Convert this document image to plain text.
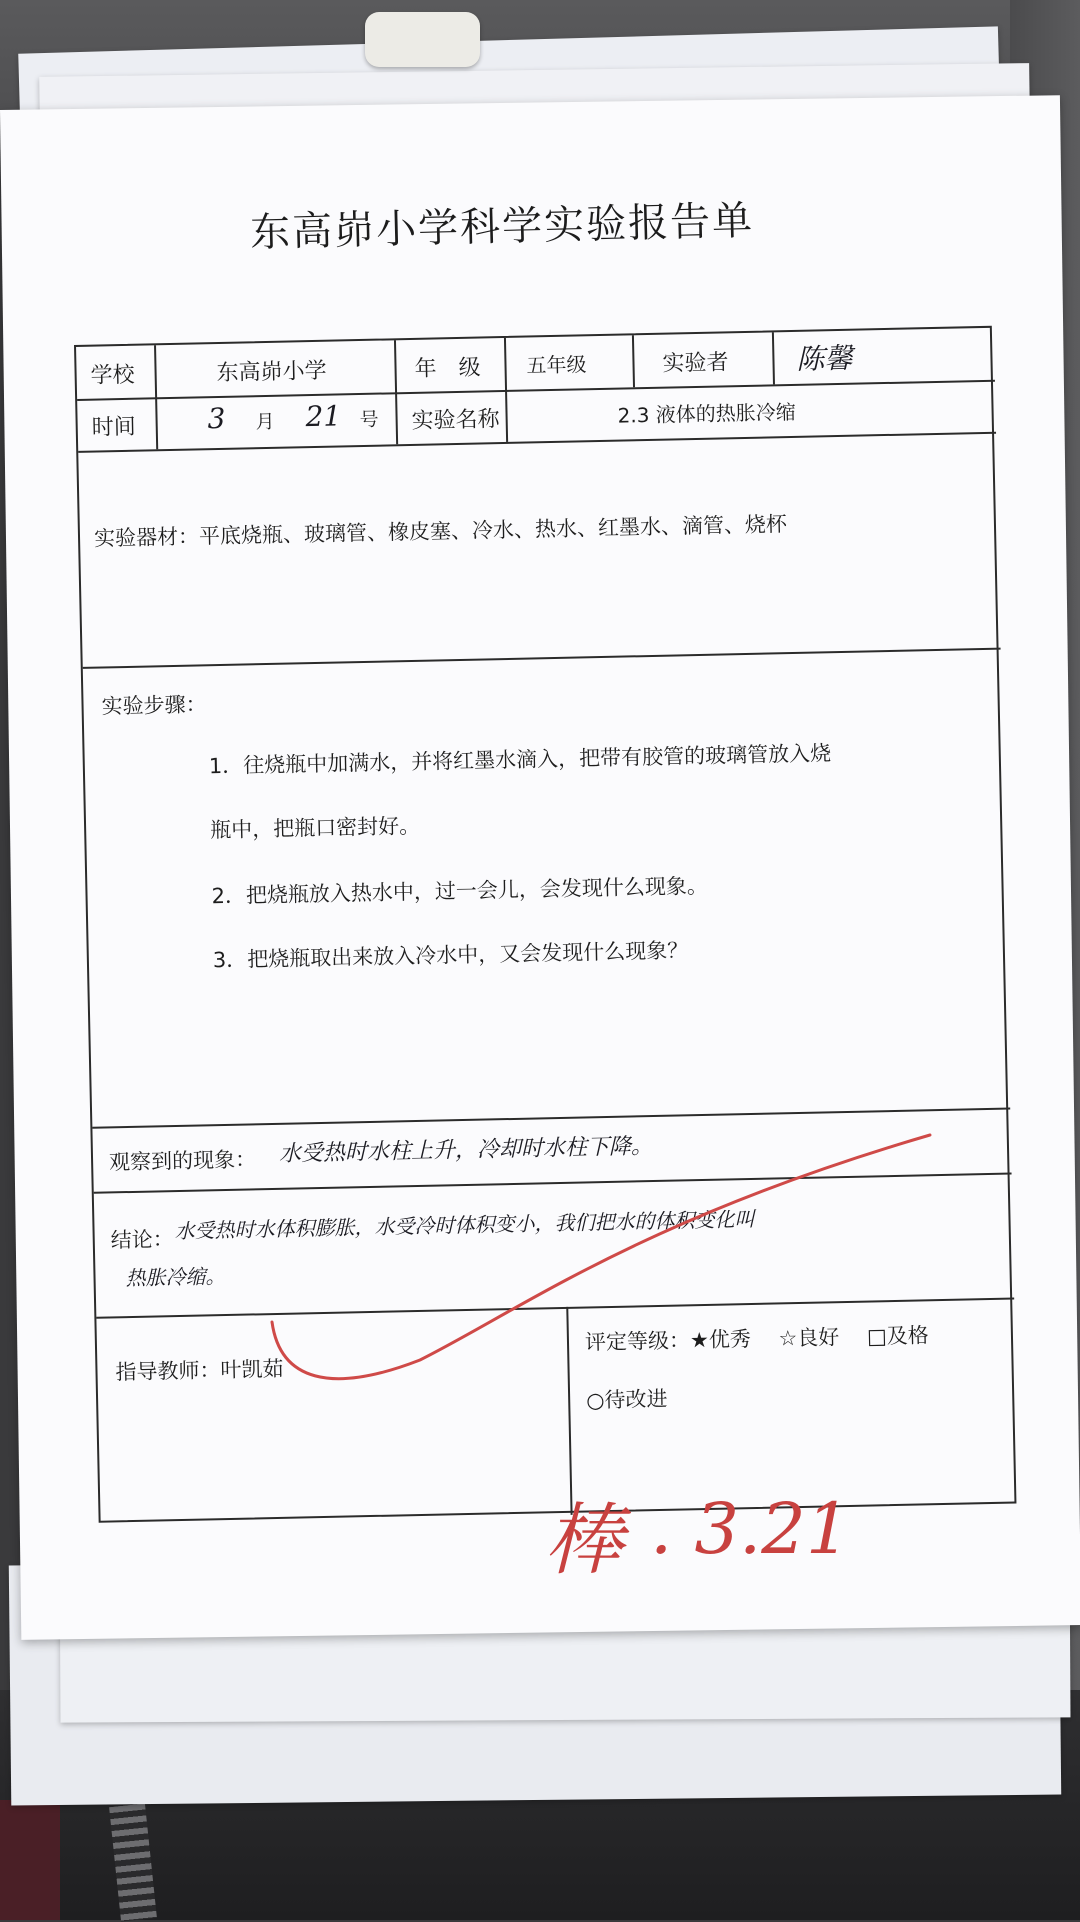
东高峁小学科学实验报告单
学校	东高峁小学	年　级 五年级	实验者 陈馨
时间	3 月 21 号 实验名称	2.3 液体的热胀冷缩
实验器材：平底烧瓶、玻璃管、橡皮塞、冷水、热水、红墨水、滴管、烧杯
实验步骤：
1．往烧瓶中加满水，并将红墨水滴入，把带有胶管的玻璃管放入烧
瓶中，把瓶口密封好。
2．把烧瓶放入热水中，过一会儿，会发现什么现象。
3．把烧瓶取出来放入冷水中，又会发现什么现象？
观察到的现象： 水受热时水柱上升，冷却时水柱下降。
结论： 水受热时水体积膨胀，水受冷时体积变小，我们把水的体积变化叫
热胀冷缩。
指导教师：叶凯茹
评定等级：★优秀　 ☆良好　 □及格
○待改进
棒 . 3.21
